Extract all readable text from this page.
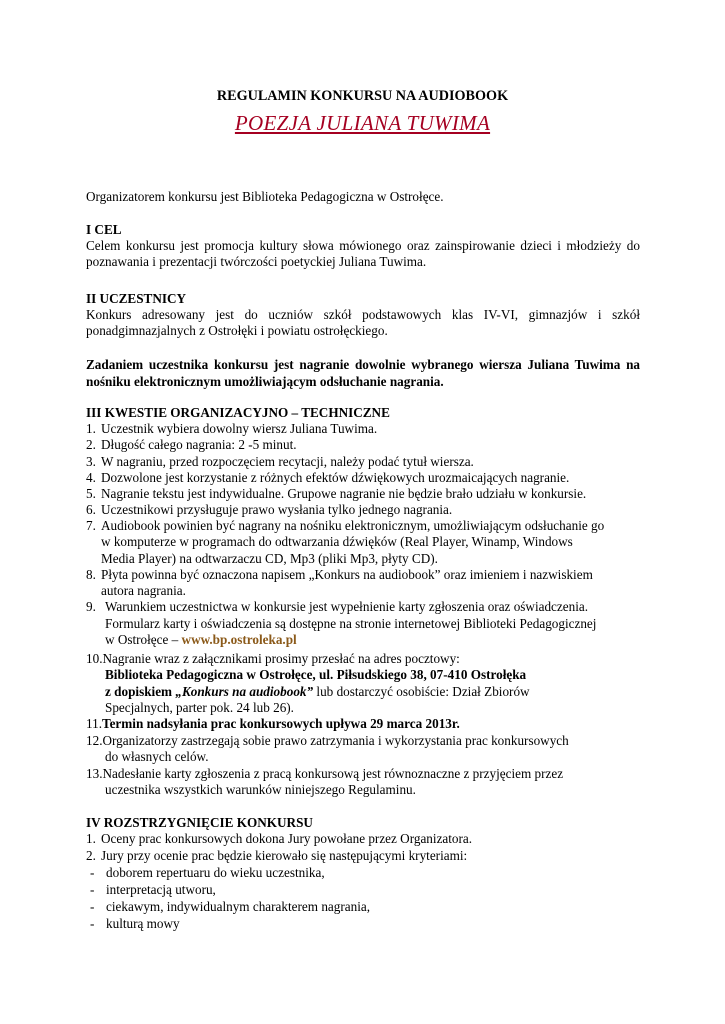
REGULAMIN KONKURSU NA AUDIOBOOK
POEZJA JULIANA TUWIMA
Organizatorem konkursu jest Biblioteka Pedagogiczna w Ostrołęce.
I CEL
Celem konkursu jest promocja kultury słowa mówionego oraz zainspirowanie dzieci i młodzieży do poznawania i prezentacji twórczości poetyckiej Juliana Tuwima.
II UCZESTNICY
Konkurs adresowany jest do uczniów szkół podstawowych klas IV-VI, gimnazjów i szkół ponadgimnazjalnych z Ostrołęki i powiatu ostrołęckiego.
Zadaniem uczestnika konkursu jest nagranie dowolnie wybranego wiersza Juliana Tuwima na nośniku elektronicznym umożliwiającym odsłuchanie nagrania.
III KWESTIE ORGANIZACYJNO – TECHNICZNE
1. Uczestnik wybiera dowolny wiersz Juliana Tuwima.
2. Długość całego nagrania: 2 -5 minut.
3. W nagraniu, przed rozpoczęciem recytacji, należy podać tytuł wiersza.
4. Dozwolone jest korzystanie z różnych efektów dźwiękowych urozmaicających nagranie.
5. Nagranie tekstu jest indywidualne. Grupowe nagranie nie będzie brało udziału w konkursie.
6. Uczestnikowi przysługuje prawo wysłania tylko jednego nagrania.
7. Audiobook powinien być nagrany na nośniku elektronicznym, umożliwiającym odsłuchanie go
w komputerze w programach do odtwarzania dźwięków (Real Player, Winamp, Windows
Media Player) na odtwarzaczu CD, Mp3 (pliki Mp3, płyty CD).
8. Płyta powinna być oznaczona napisem „Konkurs na audiobook” oraz imieniem i nazwiskiem
autora nagrania.
9. Warunkiem uczestnictwa w konkursie jest wypełnienie karty zgłoszenia oraz oświadczenia.
Formularz karty i oświadczenia są dostępne na stronie internetowej Biblioteki Pedagogicznej
w Ostrołęce – www.bp.ostroleka.pl
10.Nagranie wraz z załącznikami prosimy przesłać na adres pocztowy:
Biblioteka Pedagogiczna w Ostrołęce, ul. Piłsudskiego 38, 07-410 Ostrołęka
z dopiskiem „Konkurs na audiobook” lub dostarczyć osobiście: Dział Zbiorów
Specjalnych, parter pok. 24 lub 26).
11.Termin nadsyłania prac konkursowych upływa 29 marca 2013r.
12.Organizatorzy zastrzegają sobie prawo zatrzymania i wykorzystania prac konkursowych
do własnych celów.
13.Nadesłanie karty zgłoszenia z pracą konkursową jest równoznaczne z przyjęciem przez
uczestnika wszystkich warunków niniejszego Regulaminu.
IV ROZSTRZYGNIĘCIE KONKURSU
1. Oceny prac konkursowych dokona Jury powołane przez Organizatora.
2. Jury przy ocenie prac będzie kierowało się następującymi kryteriami:
- doborem repertuaru do wieku uczestnika,
- interpretacją utworu,
- ciekawym, indywidualnym charakterem nagrania,
- kulturą mowy
